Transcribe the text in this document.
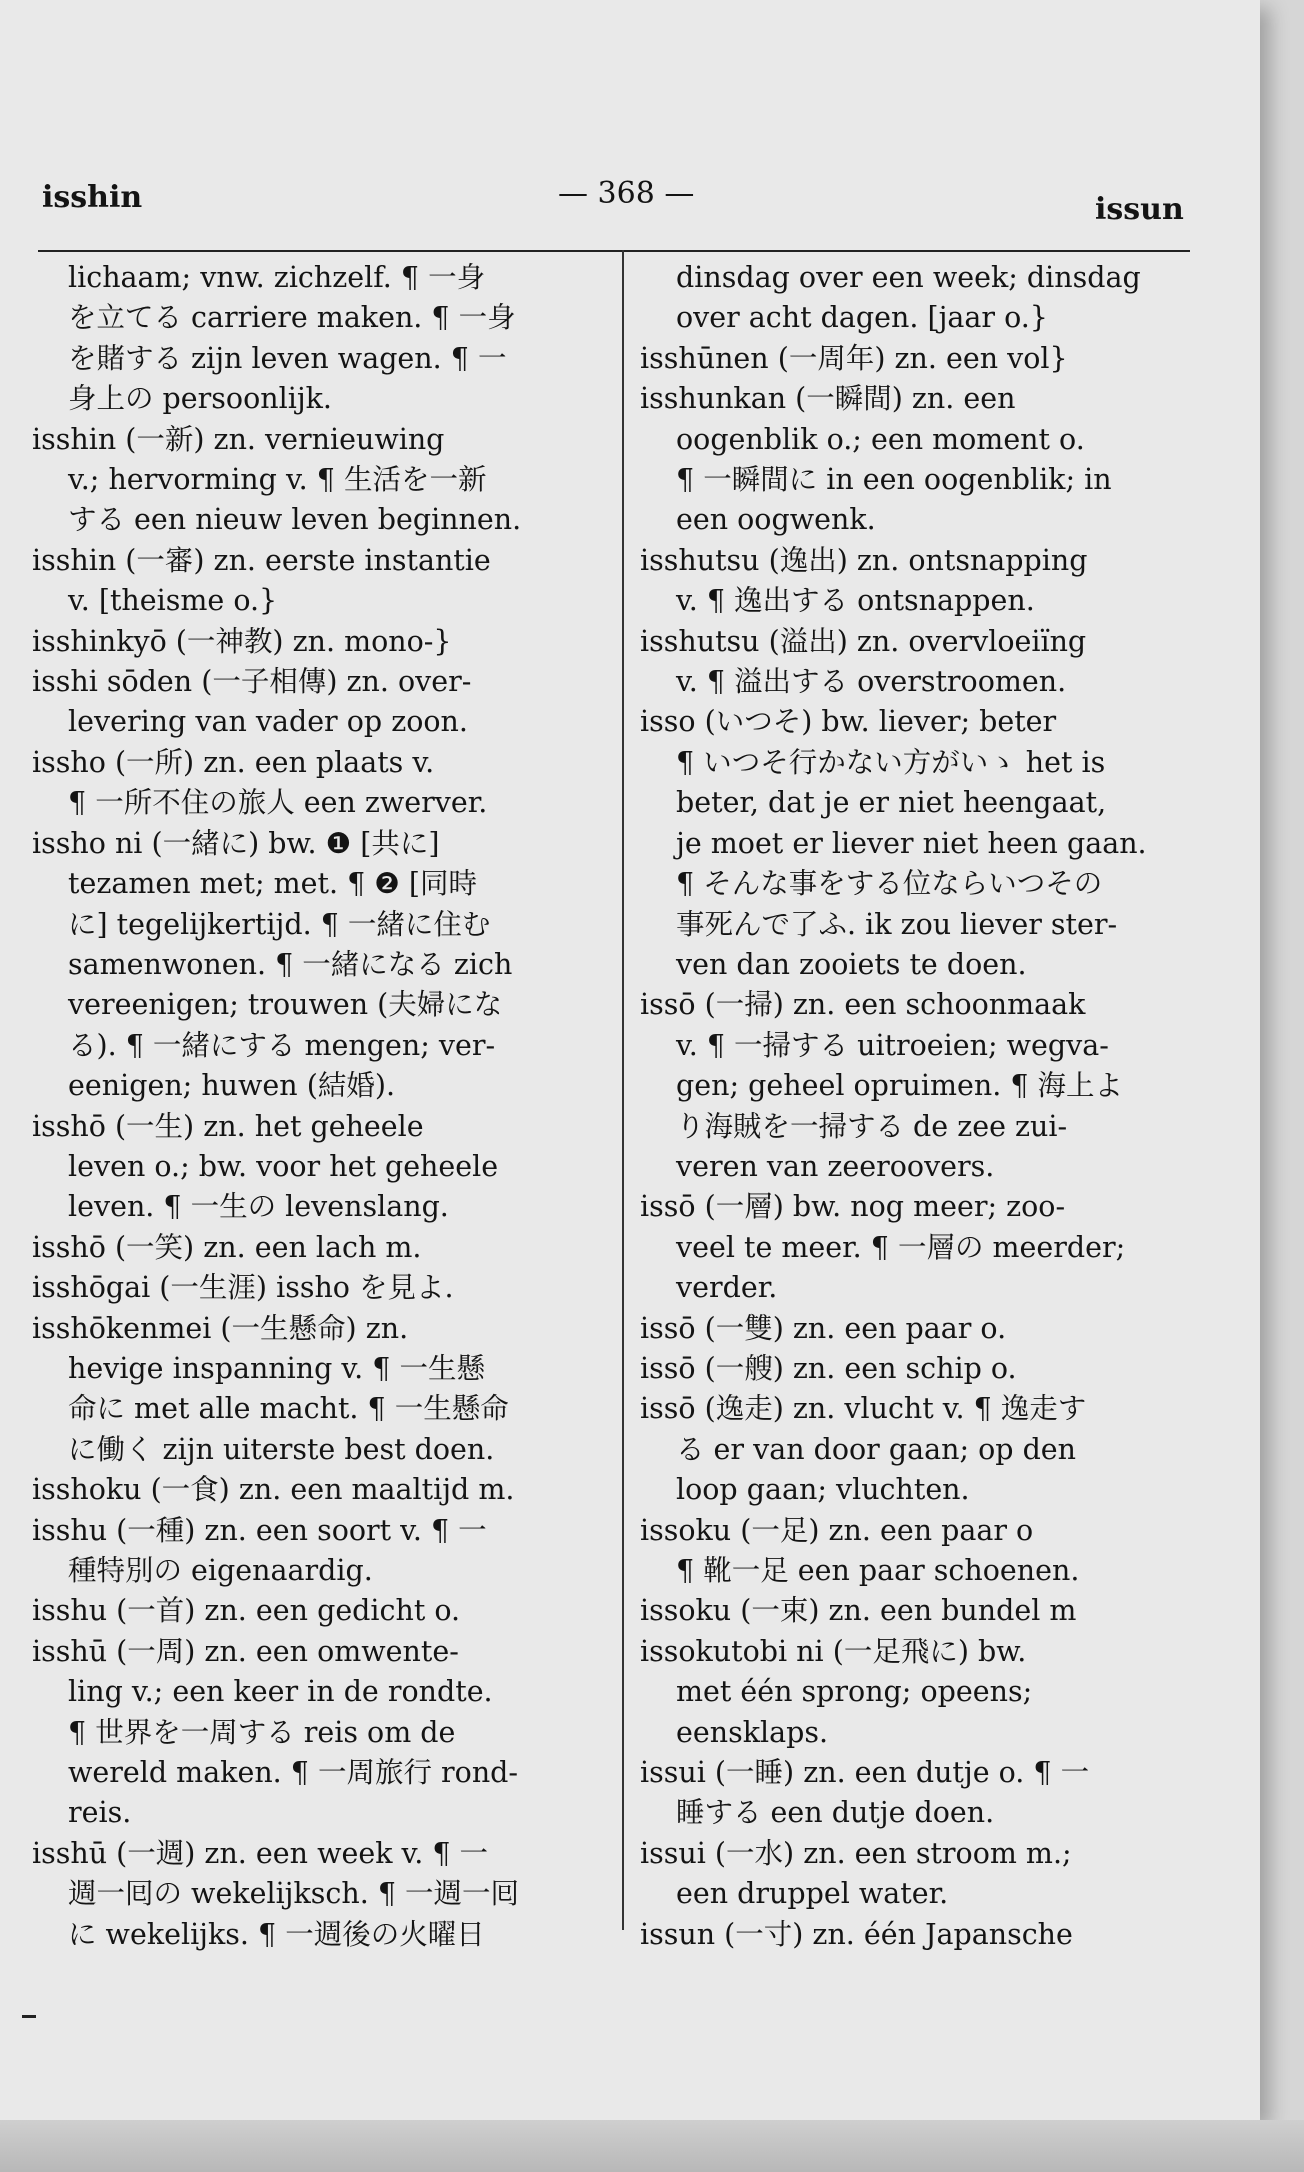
isshin	— 368 —	issun
lichaam; vnw. zichzelf. ¶ 一身
を立てる carriere maken. ¶ 一身
を賭する zijn leven wagen. ¶ 一
身上の persoonlijk.
isshin (一新) zn. vernieuwing
v.; hervorming v. ¶ 生活を一新
する een nieuw leven beginnen.
isshin (一審) zn. eerste instantie
v. [theisme o.}
isshinkyō (一神教) zn. mono-}
isshi sōden (一子相傳) zn. over-
levering van vader op zoon.
issho (一所) zn. een plaats v.
¶ 一所不住の旅人 een zwerver.
issho ni (一緒に) bw. ❶ [共に]
tezamen met; met. ¶ ❷ [同時
に] tegelijkertijd. ¶ 一緒に住む
samenwonen. ¶ 一緒になる zich
vereenigen; trouwen (夫婦にな
る). ¶ 一緒にする mengen; ver-
eenigen; huwen (結婚).
isshō (一生) zn. het geheele
leven o.; bw. voor het geheele
leven. ¶ 一生の levenslang.
isshō (一笑) zn. een lach m.
isshōgai (一生涯) issho を見よ.
isshōkenmei (一生懸命) zn.
hevige inspanning v. ¶ 一生懸
命に met alle macht. ¶ 一生懸命
に働く zijn uiterste best doen.
isshoku (一食) zn. een maaltijd m.
isshu (一種) zn. een soort v. ¶ 一
種特別の eigenaardig.
isshu (一首) zn. een gedicht o.
isshū (一周) zn. een omwente-
ling v.; een keer in de rondte.
¶ 世界を一周する reis om de
wereld maken. ¶ 一周旅行 rond-
reis.
isshū (一週) zn. een week v. ¶ 一
週一囘の wekelijksch. ¶ 一週一囘
に wekelijks. ¶ 一週後の火曜日
dinsdag over een week; dinsdag
over acht dagen. [jaar o.}
isshūnen (一周年) zn. een vol}
isshunkan (一瞬間) zn. een
oogenblik o.; een moment o.
¶ 一瞬間に in een oogenblik; in
een oogwenk.
isshutsu (逸出) zn. ontsnapping
v. ¶ 逸出する ontsnappen.
isshutsu (溢出) zn. overvloeiïng
v. ¶ 溢出する overstroomen.
isso (いつそ) bw. liever; beter
¶ いつそ行かない方がいゝ het is
beter, dat je er niet heengaat,
je moet er liever niet heen gaan.
¶ そんな事をする位ならいつその
事死んで了ふ. ik zou liever ster-
ven dan zooiets te doen.
issō (一掃) zn. een schoonmaak
v. ¶ 一掃する uitroeien; wegva-
gen; geheel opruimen. ¶ 海上よ
り海賊を一掃する de zee zui-
veren van zeeroovers.
issō (一層) bw. nog meer; zoo-
veel te meer. ¶ 一層の meerder;
verder.
issō (一雙) zn. een paar o.
issō (一艘) zn. een schip o.
issō (逸走) zn. vlucht v. ¶ 逸走す
る er van door gaan; op den
loop gaan; vluchten.
issoku (一足) zn. een paar o
¶ 靴一足 een paar schoenen.
issoku (一束) zn. een bundel m
issokutobi ni (一足飛に) bw.
met één sprong; opeens;
eensklaps.
issui (一睡) zn. een dutje o. ¶ 一
睡する een dutje doen.
issui (一水) zn. een stroom m.;
een druppel water.
issun (一寸) zn. één Japansche
